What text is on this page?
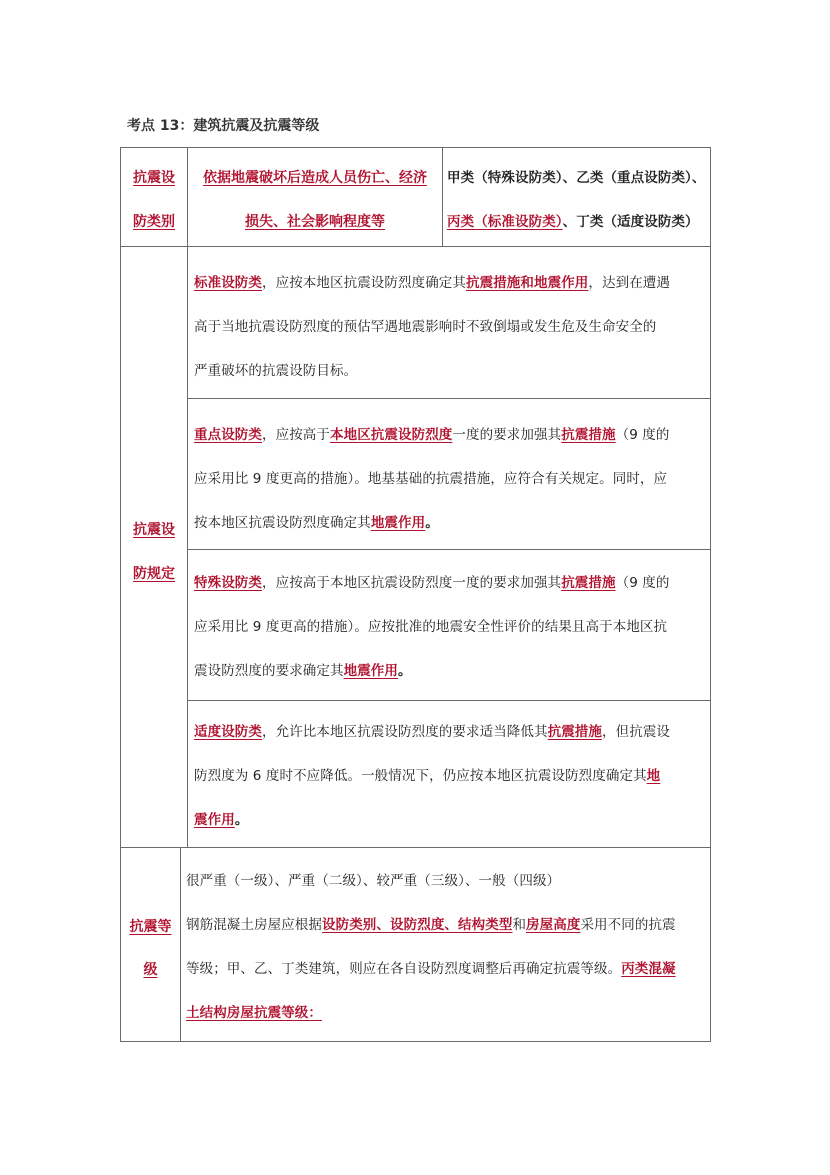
考点 13：建筑抗震及抗震等级
抗震设
防类别
依据地震破坏后造成人员伤亡、经济
损失、社会影响程度等
甲类（特殊设防类）、乙类（重点设防类）、
丙类（标准设防类）、丁类（适度设防类）
抗震设
防规定
标准设防类，应按本地区抗震设防烈度确定其抗震措施和地震作用，达到在遭遇
高于当地抗震设防烈度的预估罕遇地震影响时不致倒塌或发生危及生命安全的
严重破坏的抗震设防目标。
重点设防类，应按高于本地区抗震设防烈度一度的要求加强其抗震措施（9 度的
应采用比 9 度更高的措施）。地基基础的抗震措施，应符合有关规定。同时，应
按本地区抗震设防烈度确定其地震作用。
特殊设防类，应按高于本地区抗震设防烈度一度的要求加强其抗震措施（9 度的
应采用比 9 度更高的措施）。应按批准的地震安全性评价的结果且高于本地区抗
震设防烈度的要求确定其地震作用。
适度设防类，允许比本地区抗震设防烈度的要求适当降低其抗震措施，但抗震设
防烈度为 6 度时不应降低。一般情况下，仍应按本地区抗震设防烈度确定其地
震作用。
抗震等
级
很严重（一级）、严重（二级）、较严重（三级）、一般（四级）
钢筋混凝土房屋应根据设防类别、设防烈度、结构类型和房屋高度采用不同的抗震
等级；甲、乙、丁类建筑，则应在各自设防烈度调整后再确定抗震等级。丙类混凝
土结构房屋抗震等级：
